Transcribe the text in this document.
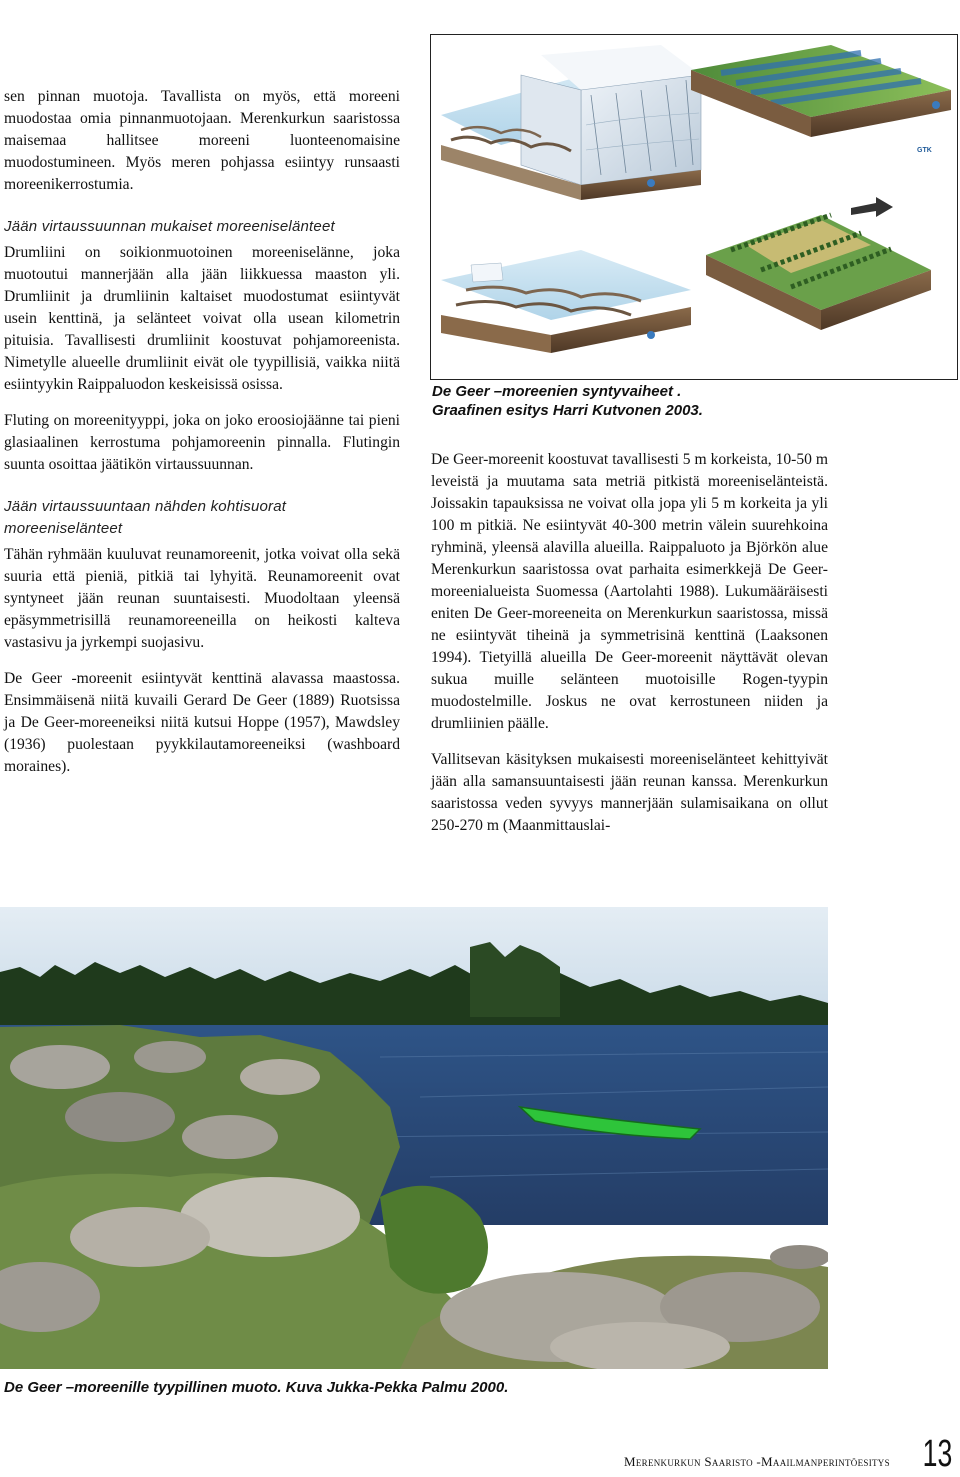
sen pinnan muotoja. Tavallista on myös, että moreeni muodostaa omia pinnanmuotojaan. Merenkurkun saaristossa maisemaa hallitsee moreeni luonteenomaisine muodostumineen. Myös meren pohjassa esiintyy runsaasti moreenikerrostumia.

Jään virtaussuunnan mukaiset moreeniselänteet

Drumliini on soikionmuotoinen moreeniselänne, joka muotoutui mannerjään alla jään liikkuessa maaston yli. Drumliinit ja drumliinin kaltaiset muodostumat esiintyvät usein kenttinä, ja selänteet voivat olla usean kilometrin pituisia. Tavallisesti drumliinit koostuvat pohjamoreenista. Nimetylle alueelle drumliinit eivät ole tyypillisiä, vaikka niitä esiintyykin Raippaluodon keskeisissä osissa.

Fluting on moreenityyppi, joka on joko eroosiojäänne tai pieni glasiaalinen kerrostuma pohjamoreenin pinnalla. Flutingin suunta osoittaa jäätikön virtaussuunnan.

Jään virtaussuuntaan nähden kohtisuorat moreeniselänteet

Tähän ryhmään kuuluvat reunamoreenit, jotka voivat olla sekä suuria että pieniä, pitkiä tai lyhyitä. Reunamoreenit ovat syntyneet jään reunan suuntaisesti. Muodoltaan yleensä epäsymmetrisillä reunamoreeneilla on heikosti kalteva vastasivu ja jyrkempi suojasivu.

De Geer -moreenit esiintyvät kenttinä alavassa maastossa. Ensimmäisenä niitä kuvaili Gerard De Geer (1889) Ruotsissa ja De Geer-moreeneiksi niitä kutsui Hoppe (1957), Mawdsley (1936) puolestaan pyykkilautamoreeneiksi (washboard moraines).

GTK
De Geer –moreenien syntyvaiheet .
Graafinen esitys Harri Kutvonen 2003.

De Geer-moreenit koostuvat tavallisesti 5 m korkeista, 10-50 m leveistä ja muutama sata metriä pitkistä moreeniselänteistä. Joissakin tapauksissa ne voivat olla jopa yli 5 m korkeita ja yli 100 m pitkiä. Ne esiintyvät 40-300 metrin välein suurehkoina ryhminä, yleensä alavilla alueilla. Raippaluoto ja Björkön alue Merenkurkun saaristossa ovat parhaita esimerkkejä De Geer- moreenialueista Suomessa (Aartolahti 1988). Lukumääräisesti eniten De Geer-moreeneita on Merenkurkun saaristossa, missä ne esiintyvät tiheinä ja symmetrisinä kenttinä (Laaksonen 1994). Tietyillä alueilla De Geer-moreenit näyttävät olevan sukua muille selänteen muotoisille Rogen-tyypin muodostelmille. Joskus ne ovat kerrostuneen niiden ja drumliinien päälle.

Vallitsevan käsityksen mukaisesti moreeniselänteet kehittyivät jään alla samansuuntaisesti jään reunan kanssa. Merenkurkun saaristossa veden syvyys mannerjään sulamisaikana on ollut 250-270 m (Maanmittauslai-

De Geer –moreenille tyypillinen muoto. Kuva Jukka-Pekka Palmu 2000.
Merenkurkun Saaristo -Maailmanperintöesitys 13
